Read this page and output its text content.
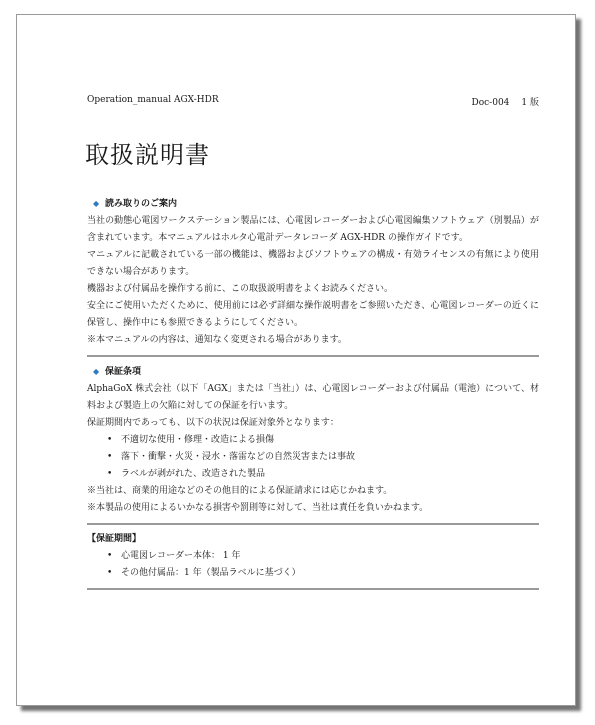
Operation_manual AGX-HDR	Doc-004 1 版
取扱説明書

◆ 読み取りのご案内

当社の動態心電図ワークステーション製品には、心電図レコーダーおよび心電図編集ソフトウェア（別製品）が含まれています。本マニュアルはホルタ心電計データレコーダ AGX-HDR の操作ガイドです。

マニュアルに記載されている一部の機能は、機器およびソフトウェアの構成・有効ライセンスの有無により使用できない場合があります。

機器および付属品を操作する前に、この取扱説明書をよくお読みください。

安全にご使用いただくために、使用前には必ず詳細な操作説明書をご参照いただき、心電図レコーダーの近くに保管し、操作中にも参照できるようにしてください。

※本マニュアルの内容は、通知なく変更される場合があります。

◆ 保証条項

AlphaGoX 株式会社（以下「AGX」または「当社」）は、心電図レコーダーおよび付属品（電池）について、材料および製造上の欠陥に対しての保証を行います。

保証期間内であっても、以下の状況は保証対象外となります：

• 不適切な使用・修理・改造による損傷
• 落下・衝撃・火災・浸水・落雷などの自然災害または事故
• ラベルが剥がれた、改造された製品

※当社は、商業的用途などのその他目的による保証請求には応じかねます。

※本製品の使用によるいかなる損害や罰則等に対して、当社は責任を負いかねます。

【保証期間】

• 心電図レコーダー本体： 1 年
• その他付属品：1 年（製品ラベルに基づく）
